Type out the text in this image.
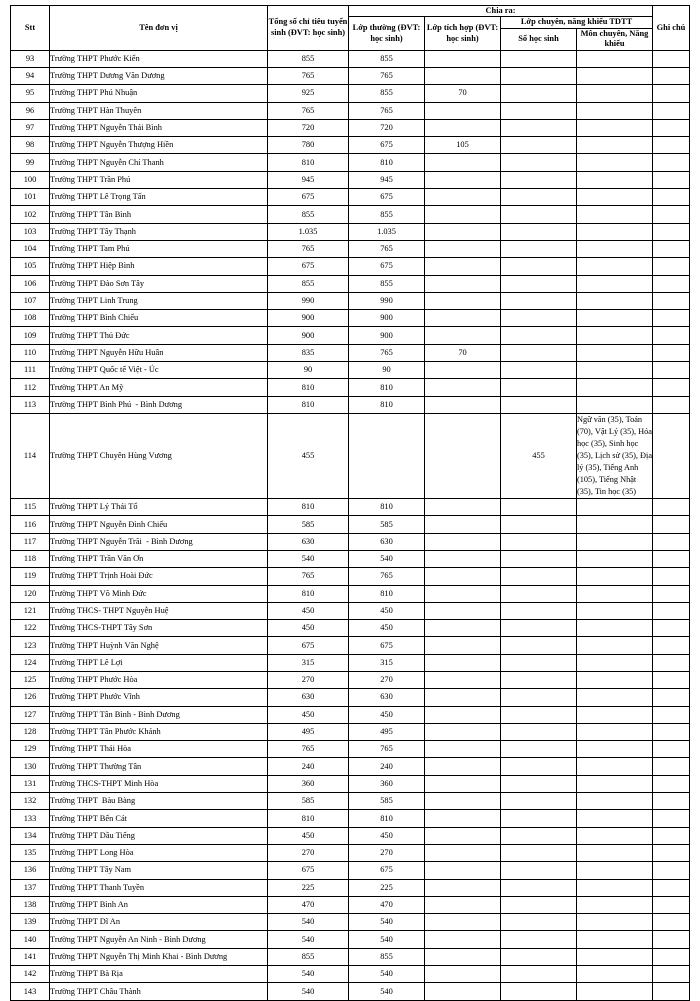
Stt	Tên đơn vị	Tổng số chỉ tiêu tuyển sinh (ĐVT: học sinh)	Chia ra:				Ghi chú
			Lớp thường (ĐVT: học sinh)	Lớp tích hợp (ĐVT: học sinh)	Lớp chuyên, năng khiếu TDTT		
					Số học sinh	Môn chuyên, Năng khiếu	
93	Trường THPT Phước Kiển	855	855				
94	Trường THPT Dương Văn Dương	765	765				
95	Trường THPT Phú Nhuận	925	855	70			
96	Trường THPT Hàn Thuyên	765	765				
97	Trường THPT Nguyễn Thái Bình	720	720				
98	Trường THPT Nguyễn Thượng Hiền	780	675	105			
99	Trường THPT Nguyễn Chí Thanh	810	810				
100	Trường THPT Trần Phú	945	945				
101	Trường THPT Lê Trọng Tấn	675	675				
102	Trường THPT Tân Bình	855	855				
103	Trường THPT Tây Thạnh	1.035	1.035				
104	Trường THPT Tam Phú	765	765				
105	Trường THPT Hiệp Bình	675	675				
106	Trường THPT Đào Sơn Tây	855	855				
107	Trường THPT Linh Trung	990	990				
108	Trường THPT Bình Chiểu	900	900				
109	Trường THPT Thủ Đức	900	900				
110	Trường THPT Nguyễn Hữu Huân	835	765	70			
111	Trường THPT Quốc tế Việt - Úc	90	90				
112	Trường THPT An Mỹ	810	810				
113	Trường THPT Bình Phú  - Bình Dương	810	810				
114	Trường THPT Chuyên Hùng Vương	455			455	Ngữ văn (35), Toán (70), Vật Lý (35), Hóa học (35), Sinh học (35), Lịch sử (35), Địa lý (35), Tiếng Anh (105), Tiếng Nhật (35), Tin học (35)	
115	Trường THPT Lý Thái Tổ	810	810				
116	Trường THPT Nguyễn Đình Chiểu	585	585				
117	Trường THPT Nguyễn Trãi  - Bình Dương	630	630				
118	Trường THPT Trần Văn Ơn	540	540				
119	Trường THPT Trịnh Hoài Đức	765	765				
120	Trường THPT Võ Minh Đức	810	810				
121	Trường THCS- THPT Nguyễn Huệ	450	450				
122	Trường THCS-THPT Tây Sơn	450	450				
123	Trường THPT Huỳnh Văn Nghệ	675	675				
124	Trường THPT Lê Lợi	315	315				
125	Trường THPT Phước Hòa	270	270				
126	Trường THPT Phước Vĩnh	630	630				
127	Trường THPT Tân Bình - Bình Dương	450	450				
128	Trường THPT Tân Phước Khánh	495	495				
129	Trường THPT Thái Hòa	765	765				
130	Trường THPT Thường Tân	240	240				
131	Trường THCS-THPT Minh Hòa	360	360				
132	Trường THPT  Bàu Bàng	585	585				
133	Trường THPT Bến Cát	810	810				
134	Trường THPT Dầu Tiếng	450	450				
135	Trường THPT Long Hòa	270	270				
136	Trường THPT Tây Nam	675	675				
137	Trường THPT Thanh Tuyền	225	225				
138	Trường THPT Bình An	470	470				
139	Trường THPT Dĩ An	540	540				
140	Trường THPT Nguyễn An Ninh - Bình Dương	540	540				
141	Trường THPT Nguyễn Thị Minh Khai - Bình Dương	855	855				
142	Trường THPT Bà Rịa	540	540				
143	Trường THPT Châu Thành	540	540				
